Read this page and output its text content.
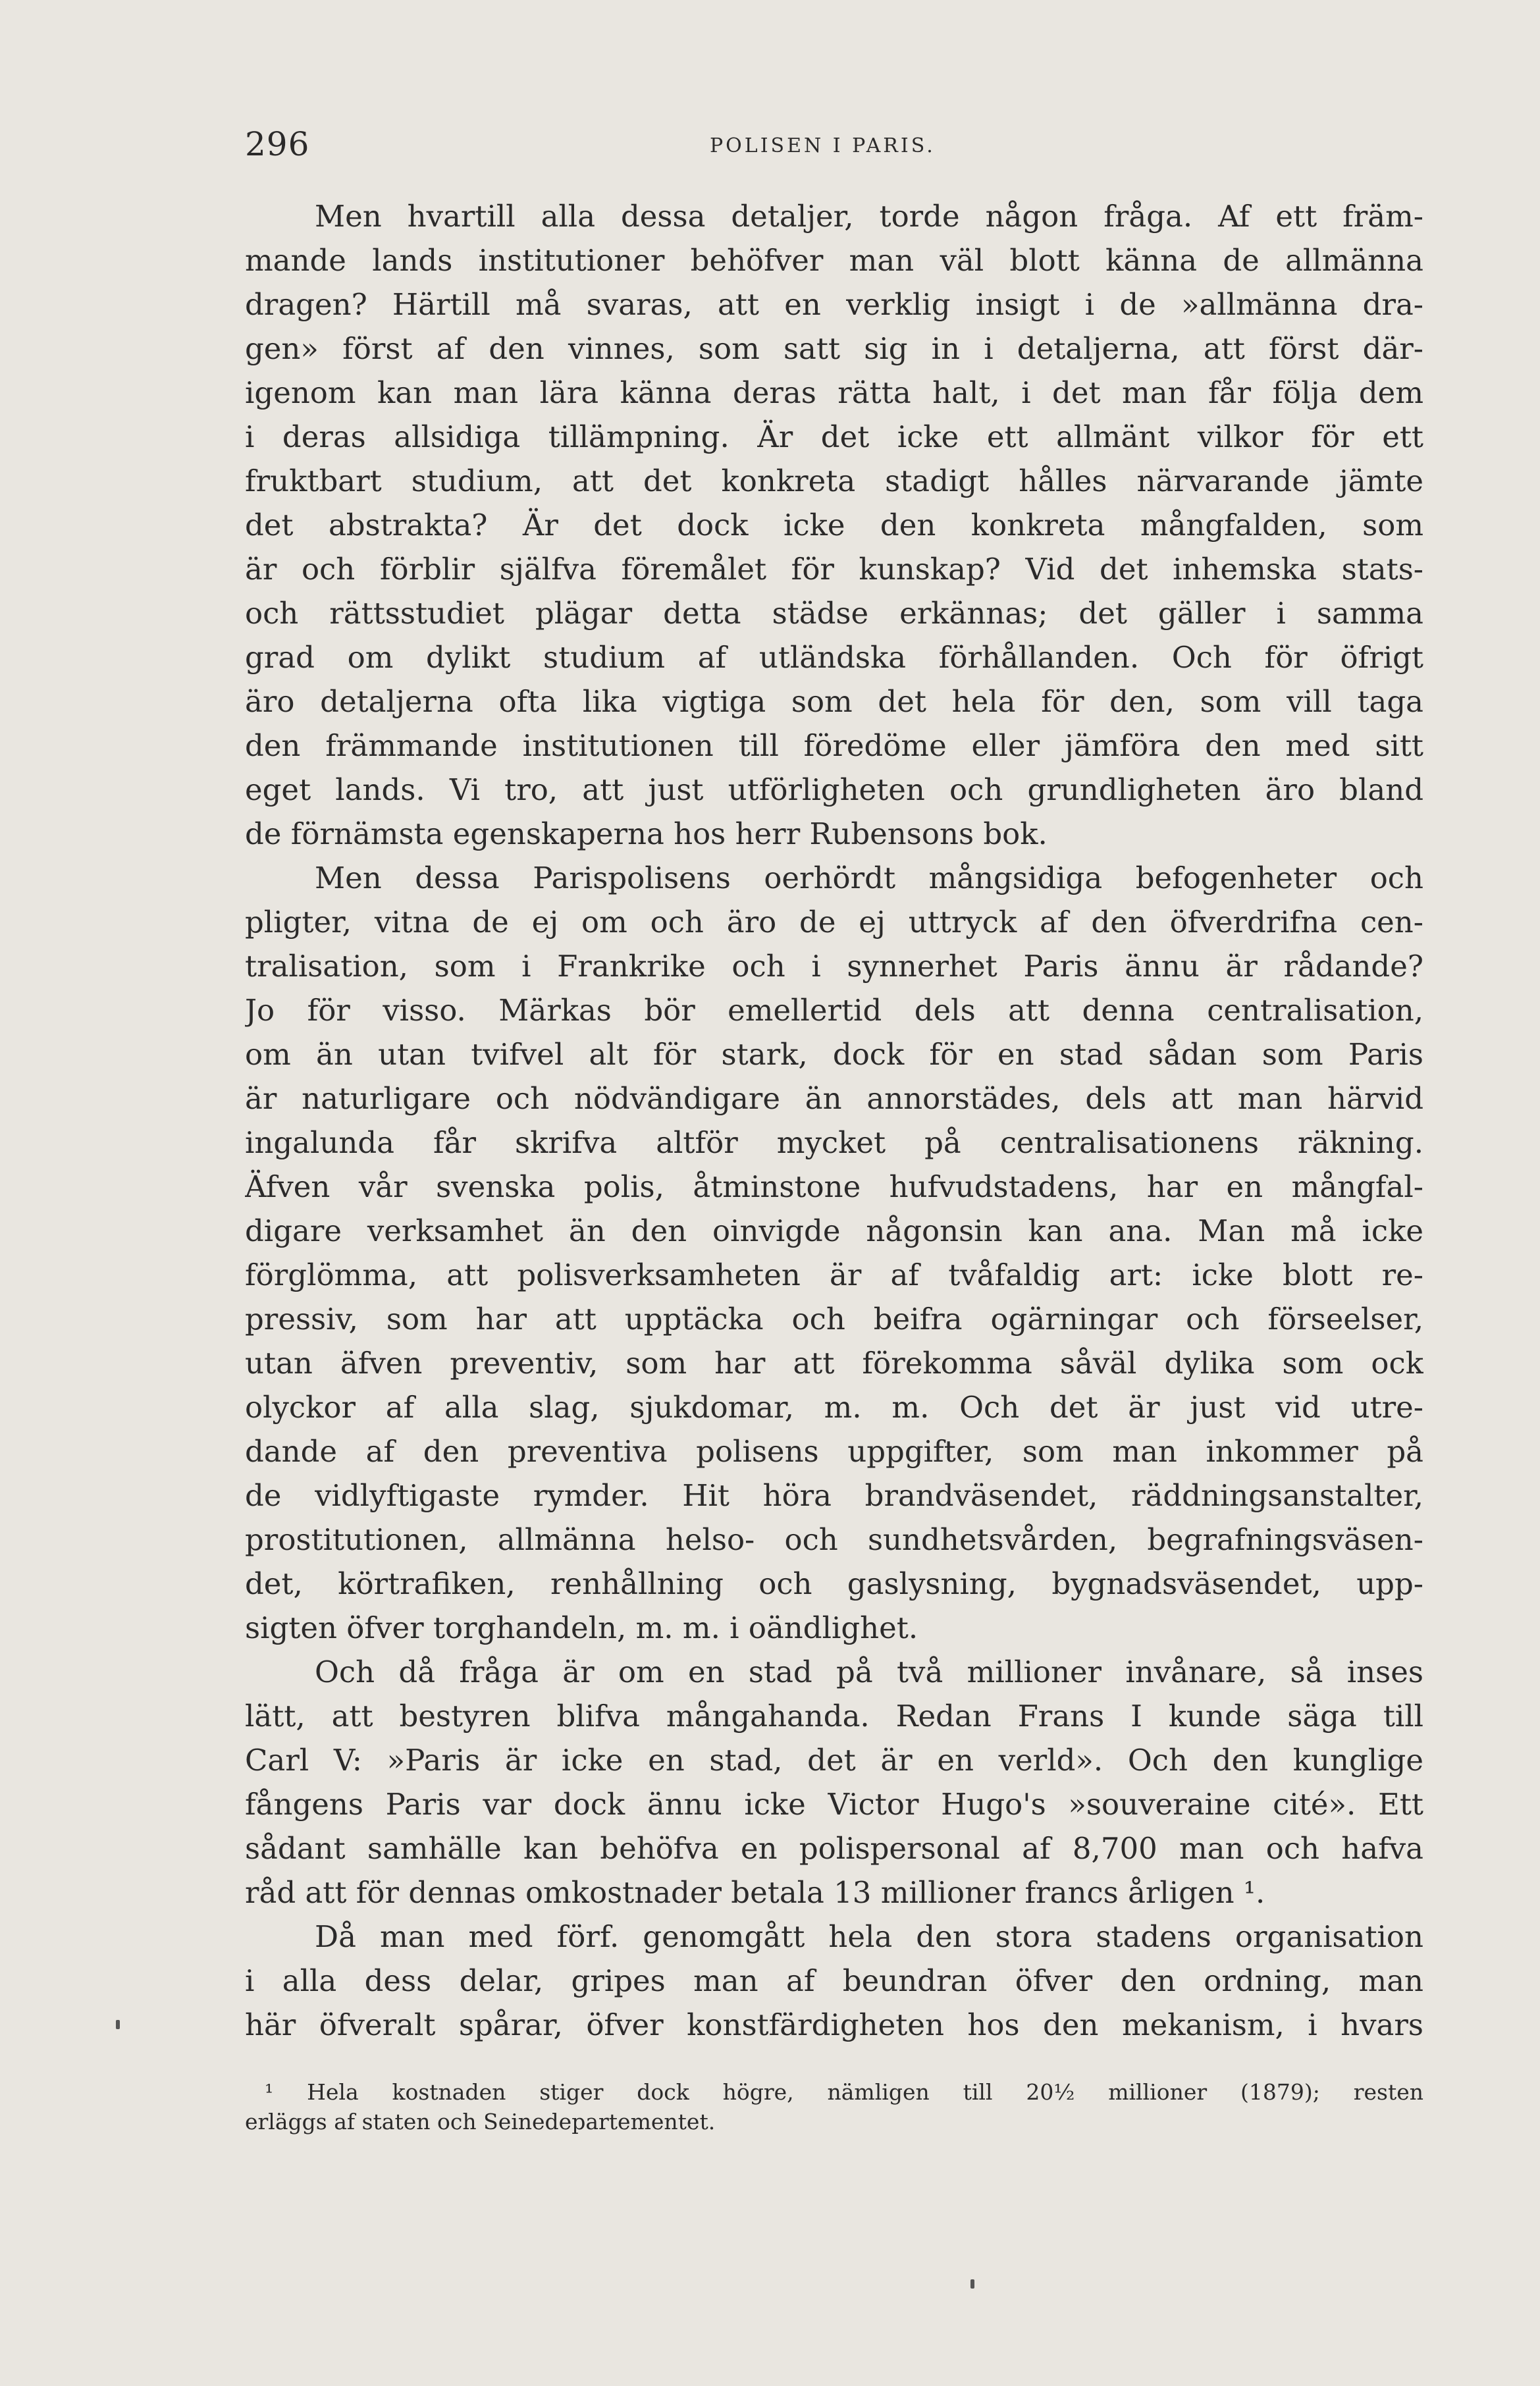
296	POLISEN I PARIS.
Men hvartill alla dessa detaljer, torde någon fråga. Af ett främ-
mande lands institutioner behöfver man väl blott känna de allmänna
dragen? Härtill må svaras, att en verklig insigt i de »allmänna dra-
gen» först af den vinnes, som satt sig in i detaljerna, att först där-
igenom kan man lära känna deras rätta halt, i det man får följa dem
i deras allsidiga tillämpning. Är det icke ett allmänt vilkor för ett
fruktbart studium, att det konkreta stadigt hålles närvarande jämte
det abstrakta? Är det dock icke den konkreta mångfalden, som
är och förblir själfva föremålet för kunskap? Vid det inhemska stats-
och rättsstudiet plägar detta städse erkännas; det gäller i samma
grad om dylikt studium af utländska förhållanden. Och för öfrigt
äro detaljerna ofta lika vigtiga som det hela för den, som vill taga
den främmande institutionen till föredöme eller jämföra den med sitt
eget lands. Vi tro, att just utförligheten och grundligheten äro bland
de förnämsta egenskaperna hos herr Rubensons bok.
Men dessa Parispolisens oerhördt mångsidiga befogenheter och
pligter, vitna de ej om och äro de ej uttryck af den öfverdrifna cen-
tralisation, som i Frankrike och i synnerhet Paris ännu är rådande?
Jo för visso. Märkas bör emellertid dels att denna centralisation,
om än utan tvifvel alt för stark, dock för en stad sådan som Paris
är naturligare och nödvändigare än annorstädes, dels att man härvid
ingalunda får skrifva altför mycket på centralisationens räkning.
Äfven vår svenska polis, åtminstone hufvudstadens, har en mångfal-
digare verksamhet än den oinvigde någonsin kan ana. Man må icke
förglömma, att polisverksamheten är af tvåfaldig art: icke blott re-
pressiv, som har att upptäcka och beifra ogärningar och förseelser,
utan äfven preventiv, som har att förekomma såväl dylika som ock
olyckor af alla slag, sjukdomar, m. m. Och det är just vid utre-
dande af den preventiva polisens uppgifter, som man inkommer på
de vidlyftigaste rymder. Hit höra brandväsendet, räddningsanstalter,
prostitutionen, allmänna helso- och sundhetsvården, begrafningsväsen-
det, körtrafiken, renhållning och gaslysning, bygnadsväsendet, upp-
sigten öfver torghandeln, m. m. i oändlighet.
Och då fråga är om en stad på två millioner invånare, så inses
lätt, att bestyren blifva mångahanda. Redan Frans I kunde säga till
Carl V: »Paris är icke en stad, det är en verld». Och den kunglige
fångens Paris var dock ännu icke Victor Hugo's »souveraine cité». Ett
sådant samhälle kan behöfva en polispersonal af 8,700 man och hafva
råd att för dennas omkostnader betala 13 millioner francs årligen ¹.
Då man med förf. genomgått hela den stora stadens organisation
i alla dess delar, gripes man af beundran öfver den ordning, man
här öfveralt spårar, öfver konstfärdigheten hos den mekanism, i hvars
¹ Hela kostnaden stiger dock högre, nämligen till 20½ millioner (1879); resten
erläggs af staten och Seinedepartementet.
